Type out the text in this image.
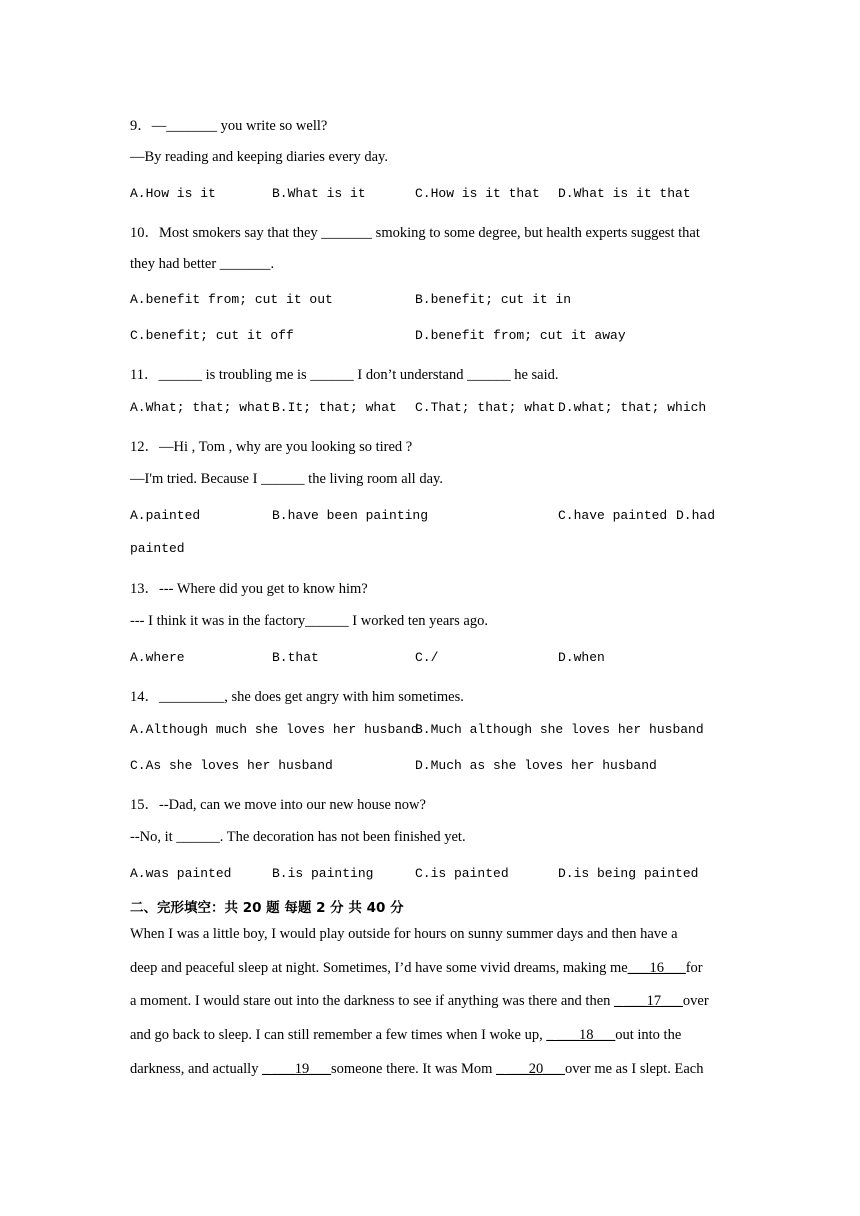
9．—_______ you write so well?
—By reading and keeping diaries every day.
A.How is it	B.What is it	C.How is it that D.What is it that
10．Most smokers say that they _______ smoking to some degree, but health experts suggest that
they had better _______.
A.benefit from; cut it out	B.benefit; cut it in
C.benefit; cut it off	D.benefit from; cut it away
11．______ is troubling me is ______ I don’t understand ______ he said.
A.What; that; what B.It; that; what C.That; that; what D.what; that; which
12．—Hi , Tom , why are you looking so tired ?
—I'm tried. Because I ______ the living room all day.
A.painted	B.have been painting	C.have painted D.had
painted
13．--- Where did you get to know him?
--- I think it was in the factory______ I worked ten years ago.
A.where	B.that	C./	D.when
14．_________, she does get angry with him sometimes.
A.Although much she loves her husband
B.Much although she loves her husband
C.As she loves her husband	D.Much as she loves her husband
15．--Dad, can we move into our new house now?
--No, it ______. The decoration has not been finished yet.
A.was painted	B.is painting	C.is painted	D.is being painted
二、完形填空：共 20 题 每题 2 分 共 40 分
When I was a little boy, I would play outside for hours on sunny summer days and then have a
deep and peaceful sleep at night. Sometimes, I’d have some vivid dreams, making me___16___for
a moment. I would stare out into the darkness to see if anything was there and then _ ___17___over
and go back to sleep. I can still remember a few times when I woke up, _ ___18___out into the
darkness, and actually _ ___19___someone there. It was Mom _ ___20___over me as I slept. Each
